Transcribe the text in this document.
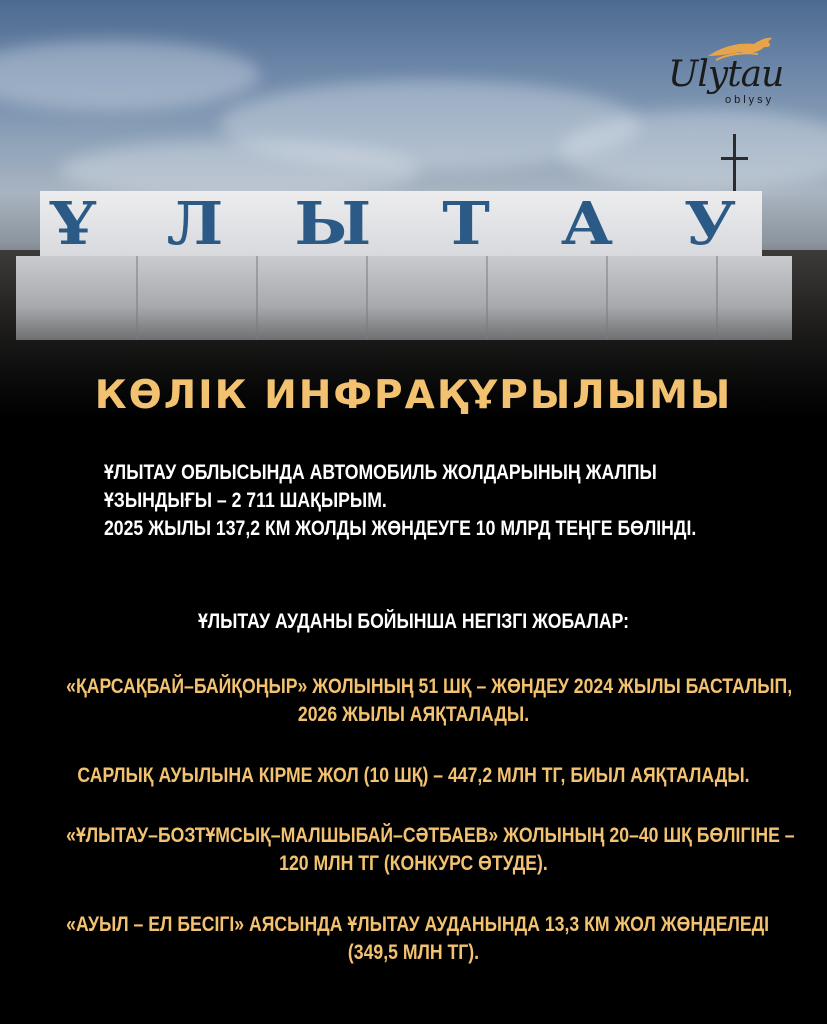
Ұ Л Ы Т А У
Ulytau
oblysy
КӨЛІК ИНФРАҚҰРЫЛЫМЫ

ҰЛЫТАУ ОБЛЫСЫНДА АВТОМОБИЛЬ ЖОЛДАРЫНЫҢ ЖАЛПЫ

ҰЗЫНДЫҒЫ – 2 711 ШАҚЫРЫМ.

2025 ЖЫЛЫ 137,2 КМ ЖОЛДЫ ЖӨНДЕУГЕ 10 МЛРД ТЕҢГЕ БӨЛІНДІ.

ҰЛЫТАУ АУДАНЫ БОЙЫНША НЕГІЗГІ ЖОБАЛАР:

«ҚАРСАҚБАЙ–БАЙҚОҢЫР» ЖОЛЫНЫҢ 51 ШҚ – ЖӨНДЕУ 2024 ЖЫЛЫ БАСТАЛЫП,
2026 ЖЫЛЫ АЯҚТАЛАДЫ.
САРЛЫҚ АУЫЛЫНА КІРМЕ ЖОЛ (10 ШҚ) – 447,2 МЛН ТГ, БИЫЛ АЯҚТАЛАДЫ.
«ҰЛЫТАУ–БОЗТҰМСЫҚ–МАЛШЫБАЙ–СӘТБАЕВ» ЖОЛЫНЫҢ 20–40 ШҚ БӨЛІГІНЕ –
120 МЛН ТГ (КОНКУРС ӨТУДЕ).
«АУЫЛ – ЕЛ БЕСІГІ» АЯСЫНДА ҰЛЫТАУ АУДАНЫНДА 13,3 КМ ЖОЛ ЖӨНДЕЛЕДІ
(349,5 МЛН ТГ).
